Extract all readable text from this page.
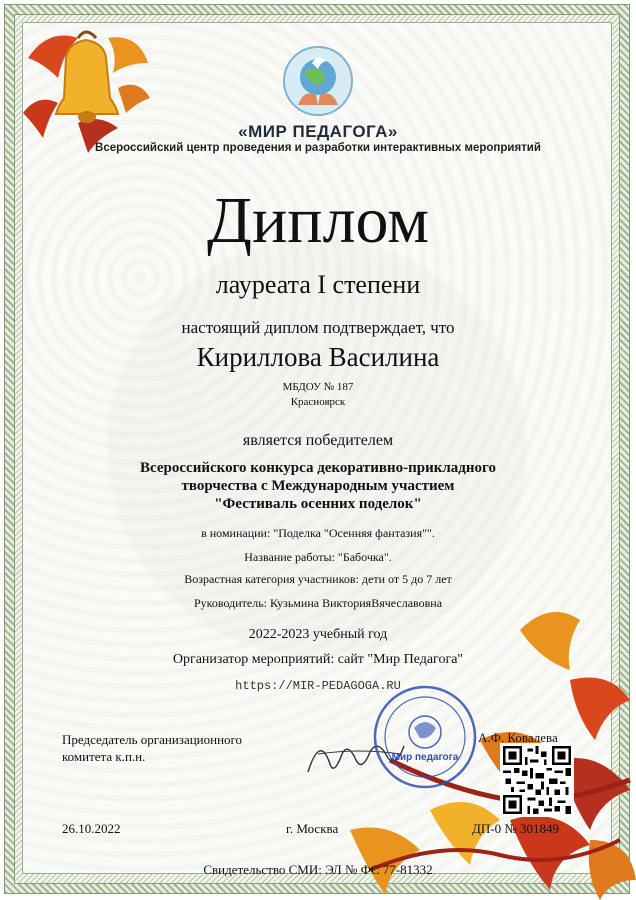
«МИР ПЕДАГОГА»
Всероссийский центр проведения и разработки интерактивных мероприятий
Диплом
лауреата I степени
настоящий диплом подтверждает, что
Кириллова Василина
МБДОУ № 187
Красноярск
является победителем
Всероссийского конкурса декоративно-прикладного
творчества с Международным участием
"Фестиваль осенних поделок"
в номинации: "Поделка "Осенняя фантазия"".
Название работы: "Бабочка".
Возрастная категория участников: дети от 5 до 7 лет
Руководитель: Кузьмина ВикторияВячеславовна
2022-2023 учебный год
Организатор мероприятий: сайт "Мир Педагога"
https://MIR-PEDAGOGA.RU
Председатель организационного
комитета к.п.н.	Мир педагога
А.Ф. Ковалева
26.10.2022	г. Москва	ДП-0 № 301849
Свидетельство СМИ: ЭЛ № ФС 77-81332
